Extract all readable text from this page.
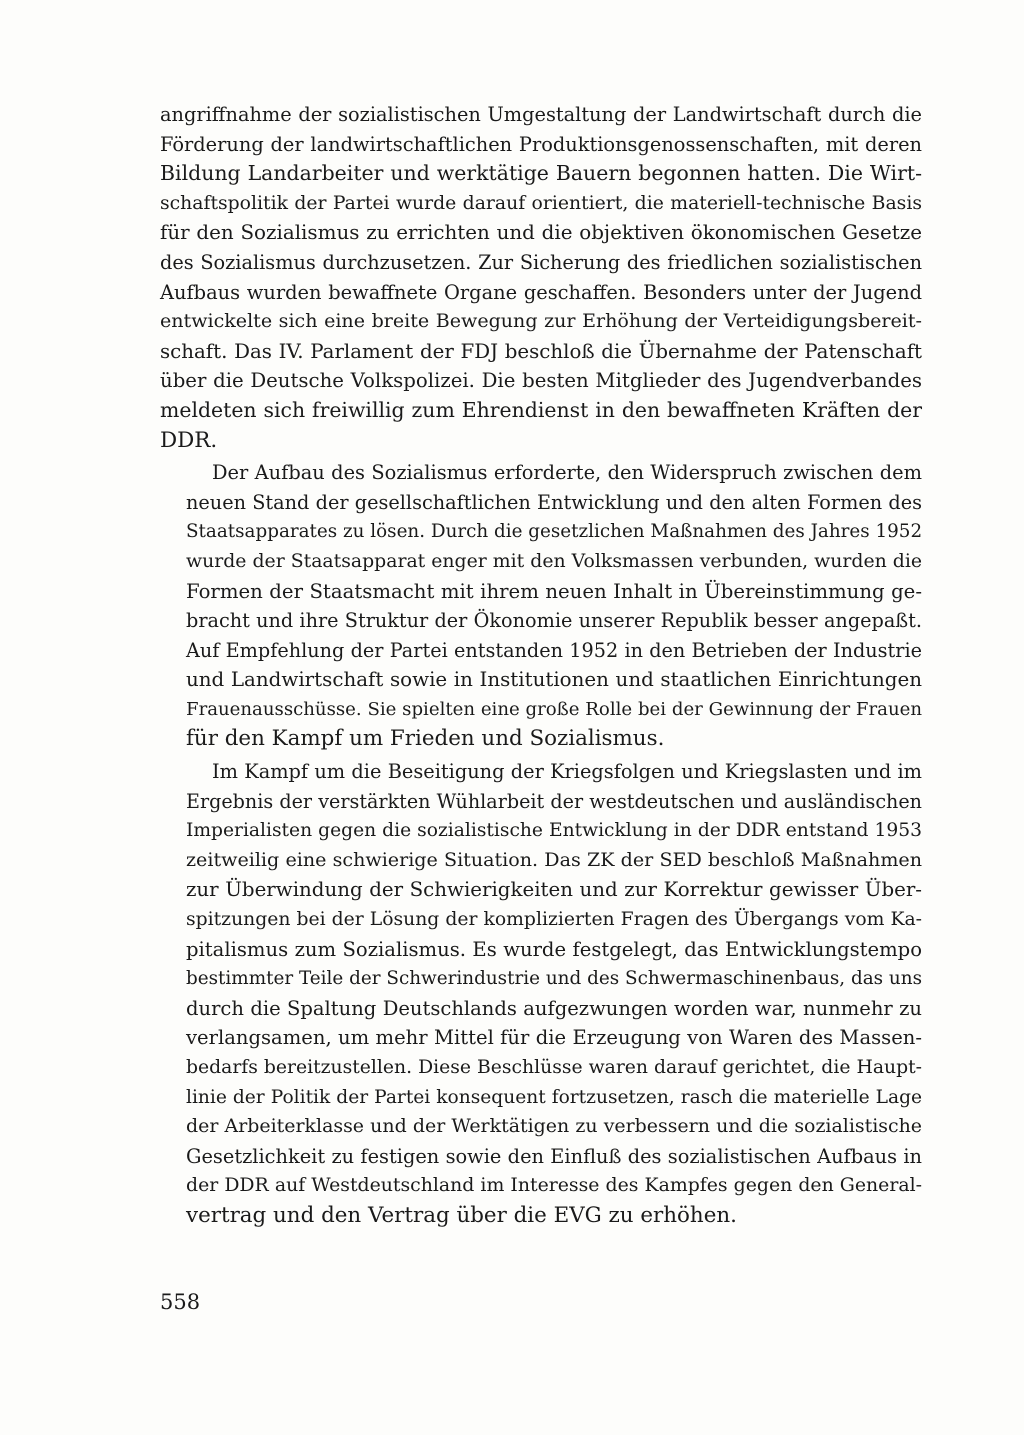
angriffnahme der sozialistischen Umgestaltung der Landwirtschaft durch die
Förderung der landwirtschaftlichen Produktionsgenossenschaften, mit deren
Bildung Landarbeiter und werktätige Bauern begonnen hatten. Die Wirt-
schaftspolitik der Partei wurde darauf orientiert, die materiell-technische Basis
für den Sozialismus zu errichten und die objektiven ökonomischen Gesetze
des Sozialismus durchzusetzen. Zur Sicherung des friedlichen sozialistischen
Aufbaus wurden bewaffnete Organe geschaffen. Besonders unter der Jugend
entwickelte sich eine breite Bewegung zur Erhöhung der Verteidigungsbereit-
schaft. Das IV. Parlament der FDJ beschloß die Übernahme der Patenschaft
über die Deutsche Volkspolizei. Die besten Mitglieder des Jugendverbandes
meldeten sich freiwillig zum Ehrendienst in den bewaffneten Kräften der
DDR.

Der Aufbau des Sozialismus erforderte, den Widerspruch zwischen dem
neuen Stand der gesellschaftlichen Entwicklung und den alten Formen des
Staatsapparates zu lösen. Durch die gesetzlichen Maßnahmen des Jahres 1952
wurde der Staatsapparat enger mit den Volksmassen verbunden, wurden die
Formen der Staatsmacht mit ihrem neuen Inhalt in Übereinstimmung ge-
bracht und ihre Struktur der Ökonomie unserer Republik besser angepaßt.
Auf Empfehlung der Partei entstanden 1952 in den Betrieben der Industrie
und Landwirtschaft sowie in Institutionen und staatlichen Einrichtungen
Frauenausschüsse. Sie spielten eine große Rolle bei der Gewinnung der Frauen
für den Kampf um Frieden und Sozialismus.

Im Kampf um die Beseitigung der Kriegsfolgen und Kriegslasten und im
Ergebnis der verstärkten Wühlarbeit der westdeutschen und ausländischen
Imperialisten gegen die sozialistische Entwicklung in der DDR entstand 1953
zeitweilig eine schwierige Situation. Das ZK der SED beschloß Maßnahmen
zur Überwindung der Schwierigkeiten und zur Korrektur gewisser Über-
spitzungen bei der Lösung der komplizierten Fragen des Übergangs vom Ka-
pitalismus zum Sozialismus. Es wurde festgelegt, das Entwicklungstempo
bestimmter Teile der Schwerindustrie und des Schwermaschinenbaus, das uns
durch die Spaltung Deutschlands aufgezwungen worden war, nunmehr zu
verlangsamen, um mehr Mittel für die Erzeugung von Waren des Massen-
bedarfs bereitzustellen. Diese Beschlüsse waren darauf gerichtet, die Haupt-
linie der Politik der Partei konsequent fortzusetzen, rasch die materielle Lage
der Arbeiterklasse und der Werktätigen zu verbessern und die sozialistische
Gesetzlichkeit zu festigen sowie den Einfluß des sozialistischen Aufbaus in
der DDR auf Westdeutschland im Interesse des Kampfes gegen den General-
vertrag und den Vertrag über die EVG zu erhöhen.

558
